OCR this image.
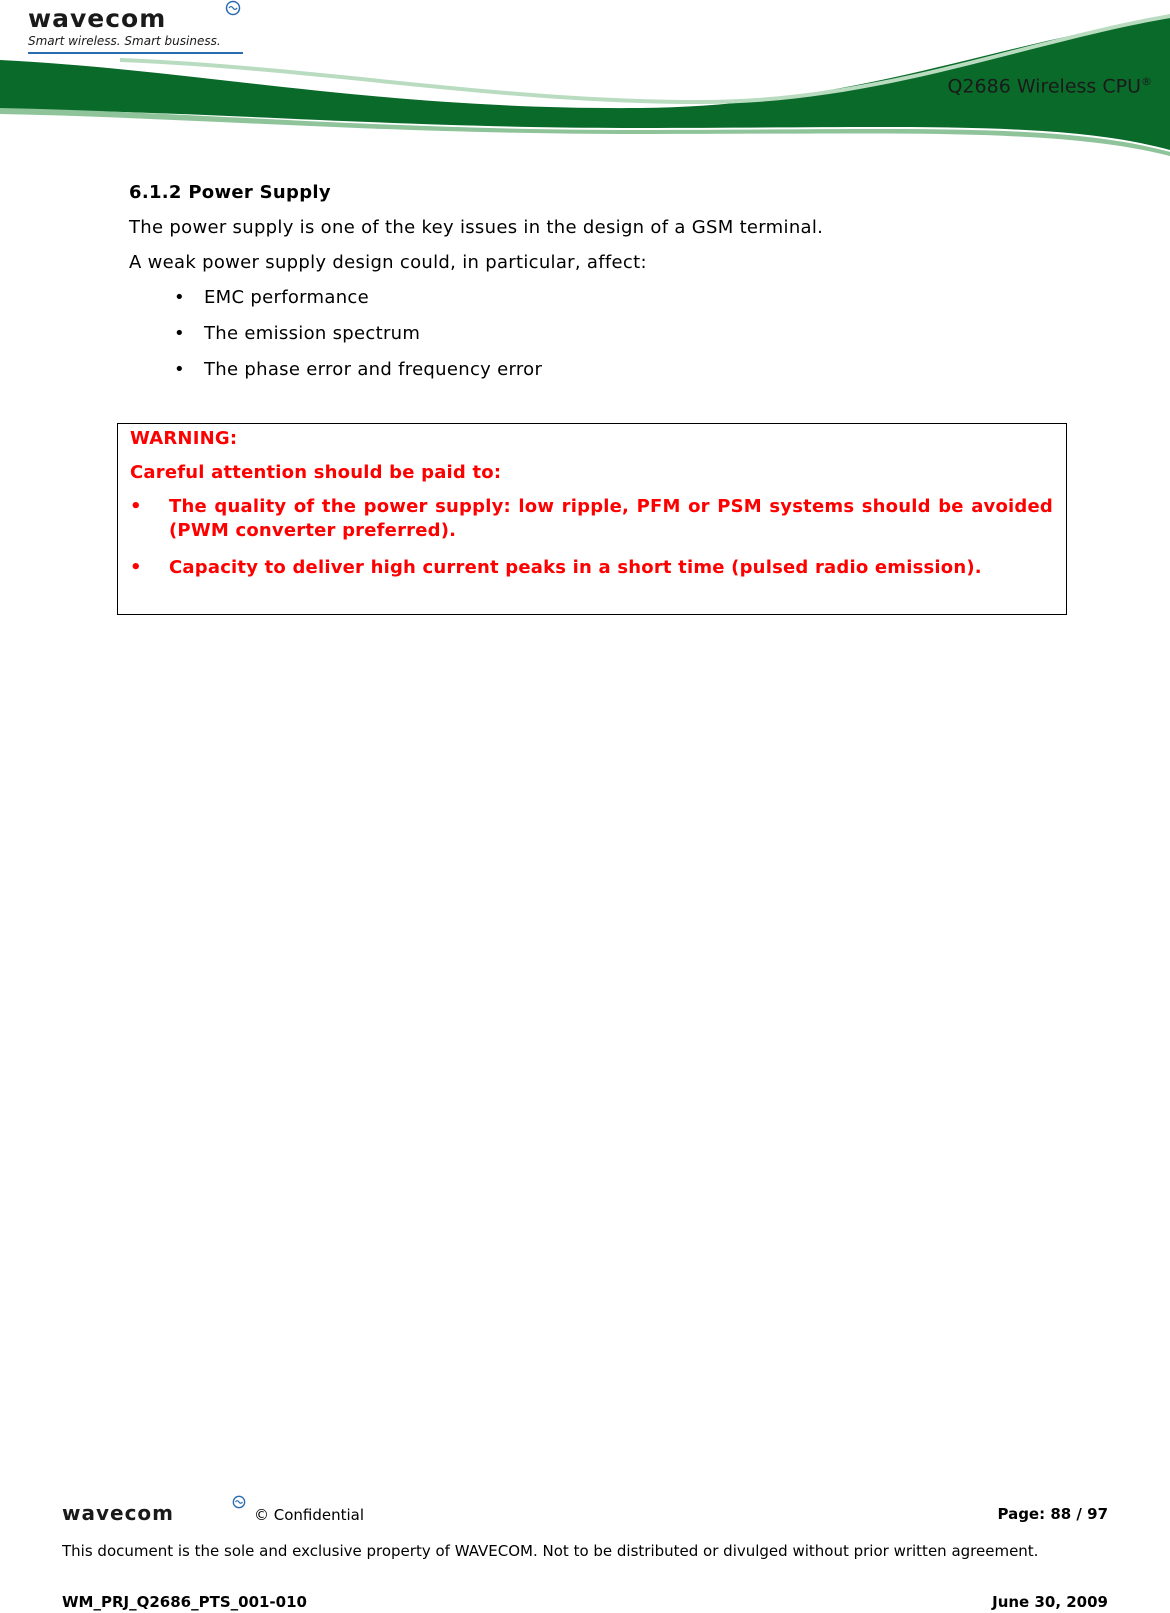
wavecom
Smart wireless. Smart business.
Q2686 Wireless CPU®
6.1.2 Power Supply
The power supply is one of the key issues in the design of a GSM terminal.
A weak power supply design could, in particular, affect:
• EMC performance
• The emission spectrum
• The phase error and frequency error
WARNING:
Careful attention should be paid to:
• The quality of the power supply: low ripple, PFM or PSM systems should be avoided (PWM converter preferred).
• Capacity to deliver high current peaks in a short time (pulsed radio emission).
wavecom	© Confidential	Page: 88 / 97
This document is the sole and exclusive property of WAVECOM. Not to be distributed or divulged without prior written agreement.
WM_PRJ_Q2686_PTS_001-010	June 30, 2009
